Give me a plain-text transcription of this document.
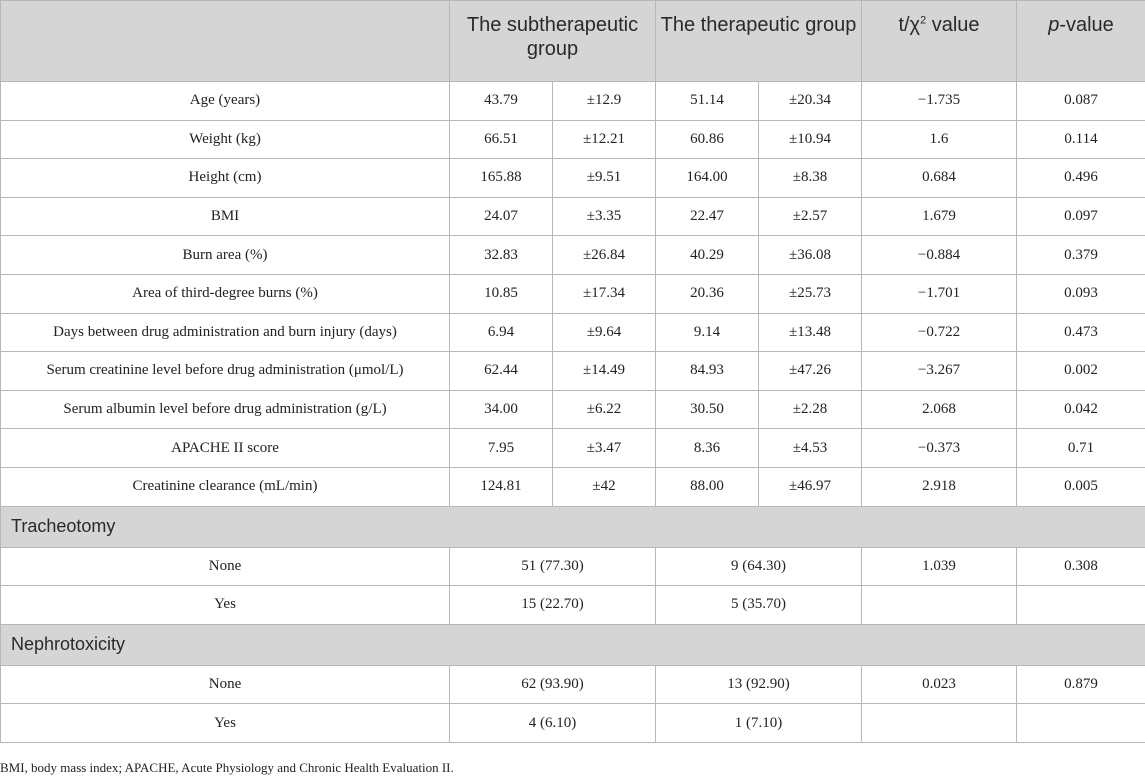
	The subtherapeutic group		The therapeutic group		$t/\chi^2$ value	p-value
Age (years)	43.79	±12.9	51.14	±20.34	−1.735	0.087
Weight (kg)	66.51	±12.21	60.86	±10.94	1.6	0.114
Height (cm)	165.88	±9.51	164.00	±8.38	0.684	0.496
BMI	24.07	±3.35	22.47	±2.57	1.679	0.097
Burn area (%)	32.83	±26.84	40.29	±36.08	−0.884	0.379
Area of third-degree burns (%)	10.85	±17.34	20.36	±25.73	−1.701	0.093
Days between drug administration and burn injury (days)	6.94	±9.64	9.14	±13.48	−0.722	0.473
Serum creatinine level before drug administration (μmol/L)	62.44	±14.49	84.93	±47.26	−3.267	0.002
Serum albumin level before drug administration (g/L)	34.00	±6.22	30.50	±2.28	2.068	0.042
APACHE II score	7.95	±3.47	8.36	±4.53	−0.373	0.71
Creatinine clearance (mL/min)	124.81	±42	88.00	±46.97	2.918	0.005
Tracheotomy						
None	51 (77.30)		9 (64.30)		1.039	0.308
Yes	15 (22.70)		5 (35.70)			
Nephrotoxicity						
None	62 (93.90)		13 (92.90)		0.023	0.879
Yes	4 (6.10)		1 (7.10)			
BMI, body mass index; APACHE, Acute Physiology and Chronic Health Evaluation II.
